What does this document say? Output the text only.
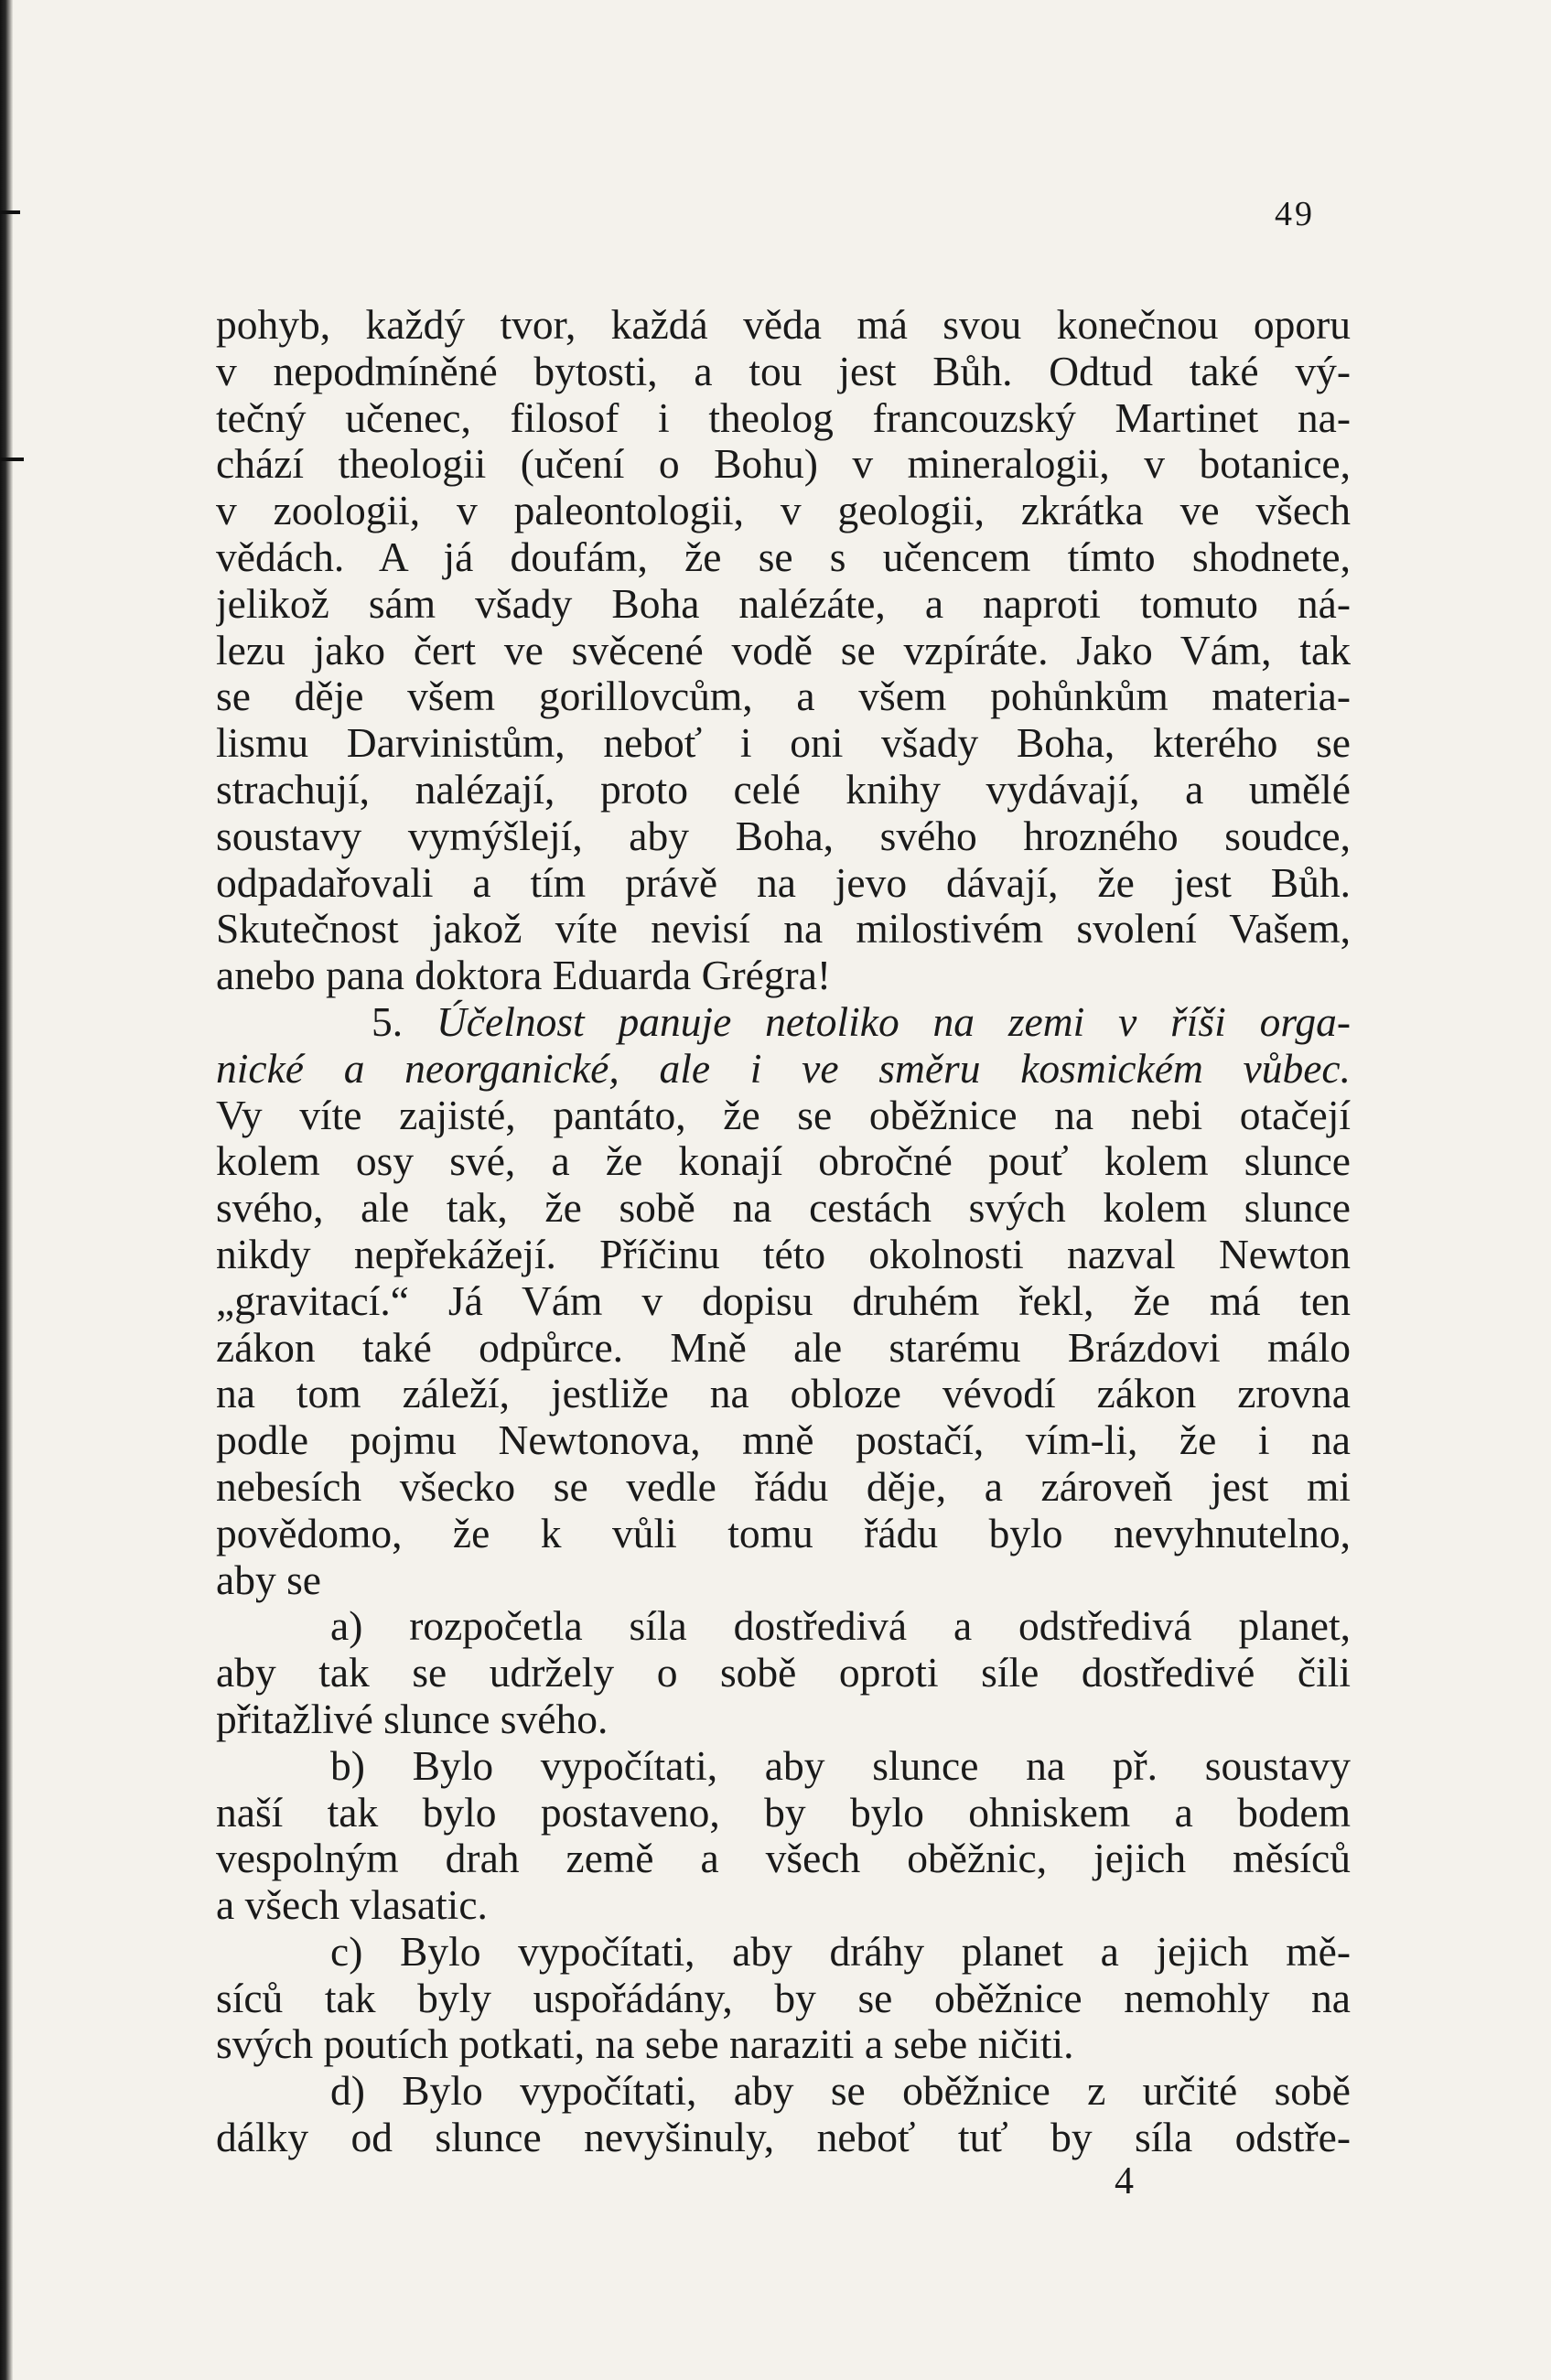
49
pohyb, každý tvor, každá věda má svou konečnou oporu
v nepodmíněné bytosti, a tou jest Bůh. Odtud také vý-
tečný učenec, filosof i theolog francouzský Martinet na-
chází theologii (učení o Bohu) v mineralogii, v botanice,
v zoologii, v paleontologii, v geologii, zkrátka ve všech
vědách. A já doufám, že se s učencem tímto shodnete,
jelikož sám všady Boha nalézáte, a naproti tomuto ná-
lezu jako čert ve svěcené vodě se vzpíráte. Jako Vám, tak
se děje všem gorillovcům, a všem pohůnkům materia-
lismu Darvinistům, neboť i oni všady Boha, kterého se
strachují, nalézají, proto celé knihy vydávají, a umělé
soustavy vymýšlejí, aby Boha, svého hrozného soudce,
odpadařovali a tím právě na jevo dávají, že jest Bůh.
Skutečnost jakož víte nevisí na milostivém svolení Vašem,
anebo pana doktora Eduarda Grégra!
5. Účelnost panuje netoliko na zemi v říši orga-
nické a neorganické, ale i ve směru kosmickém vůbec.
Vy víte zajisté, pantáto, že se oběžnice na nebi otačejí
kolem osy své, a že konají obročné pouť kolem slunce
svého, ale tak, že sobě na cestách svých kolem slunce
nikdy nepřekážejí. Příčinu této okolnosti nazval Newton
„gravitací.“ Já Vám v dopisu druhém řekl, že má ten
zákon také odpůrce. Mně ale starému Brázdovi málo
na tom záleží, jestliže na obloze vévodí zákon zrovna
podle pojmu Newtonova, mně postačí, vím-li, že i na
nebesích všecko se vedle řádu děje, a zároveň jest mi
povědomo, že k vůli tomu řádu bylo nevyhnutelno,
aby se
a) rozpočetla síla dostředivá a odstředivá planet,
aby tak se udržely o sobě oproti síle dostředivé čili
přitažlivé slunce svého.
b) Bylo vypočítati, aby slunce na př. soustavy
naší tak bylo postaveno, by bylo ohniskem a bodem
vespolným drah země a všech oběžnic, jejich měsíců
a všech vlasatic.
c) Bylo vypočítati, aby dráhy planet a jejich mě-
síců tak byly uspořádány, by se oběžnice nemohly na
svých poutích potkati, na sebe naraziti a sebe ničiti.
d) Bylo vypočítati, aby se oběžnice z určité sobě
dálky od slunce nevyšinuly, neboť tuť by síla odstře-
4
